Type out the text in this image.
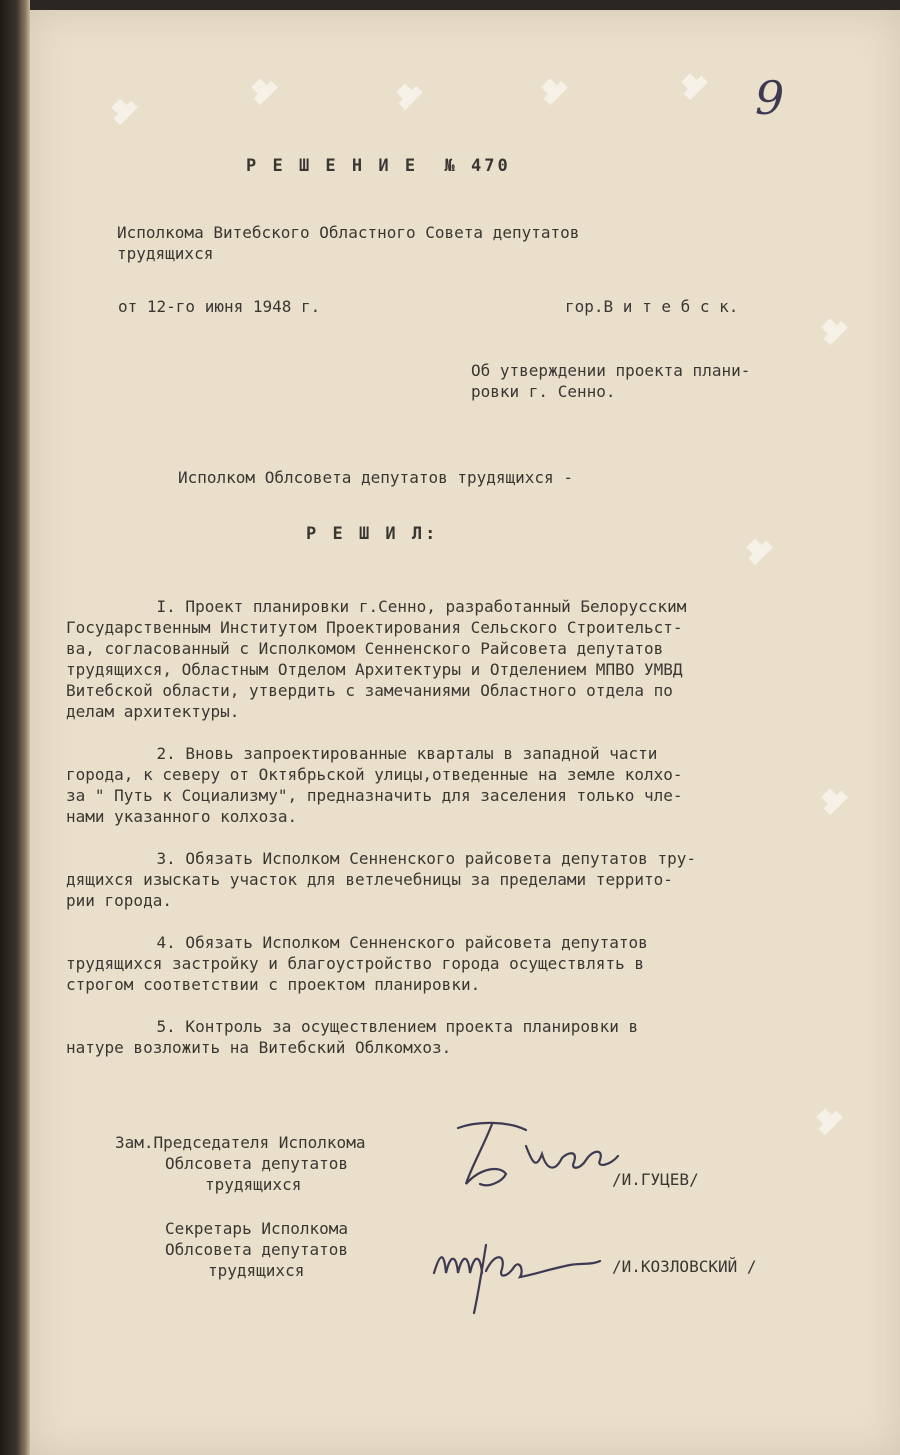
▟▙
▟▙	▟▙	▟▙	▟▙
▟▙
▟▙
▟▙
▟▙
9
Р Е Ш Е Н И Е  № 470
Исполкома Витебского Областного Совета депутатов
трудящихся
от 12-го июня 1948 г.	гор.В и т е б с к.
Об утверждении проекта плани-
ровки г. Сенно.
Исполком Облсовета депутатов трудящихся -
Р Е Ш И Л:
I. Проект планировки г.Сенно, разработанный Белорусским
Государственным Институтом Проектирования Сельского Строительст-
ва, согласованный с Исполкомом Сенненского Райсовета депутатов
трудящихся, Областным Отделом Архитектуры и Отделением МПВО УМВД
Витебской области, утвердить с замечаниями Областного отдела по
делам архитектуры.
2. Вновь запроектированные кварталы в западной части
города, к северу от Октябрьской улицы,отведенные на земле колхо-
за " Путь к Социализму", предназначить для заселения только чле-
нами указанного колхоза.
3. Обязать Исполком Сенненского райсовета депутатов тру-
дящихся изыскать участок для ветлечебницы за пределами террито-
рии города.
4. Обязать Исполком Сенненского райсовета депутатов
трудящихся застройку и благоустройство города осуществлять в
строгом соответствии с проектом планировки.
5. Контроль за осуществлением проекта планировки в
натуре возложить на Витебский Облкомхоз.
Зам.Председателя Исполкома
Облсовета депутатов
трудящихся	/И.ГУЦЕВ/
Секретарь Исполкома
Облсовета депутатов
трудящихся	/И.КОЗЛОВСКИЙ /
